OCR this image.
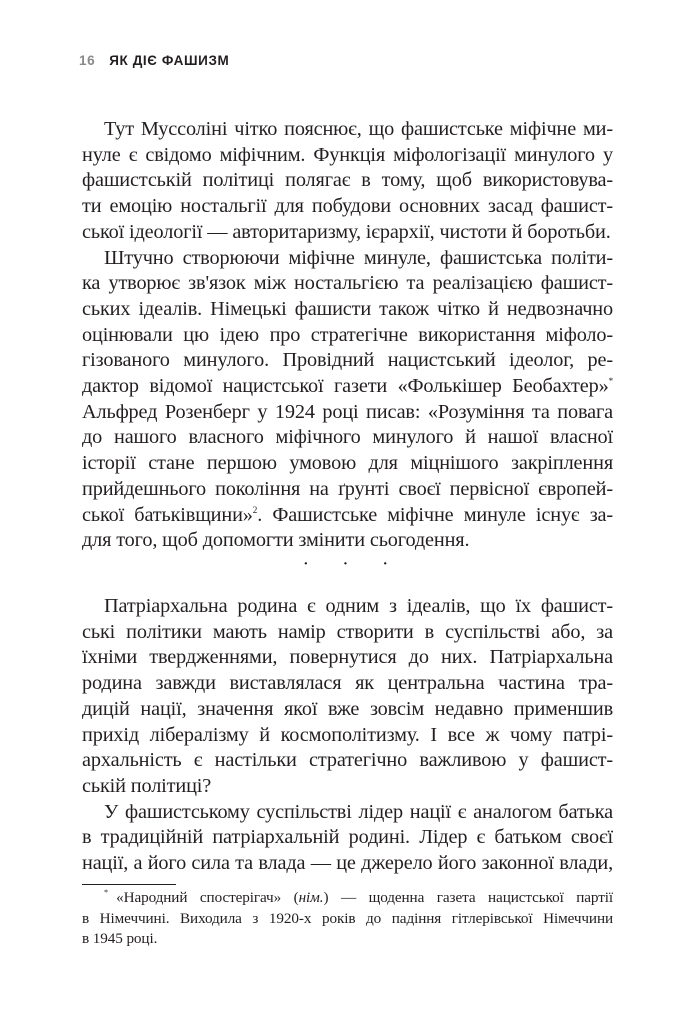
16 ЯК ДІЄ ФАШИЗМ
Тут Муссоліні чітко пояснює, що фашистське міфічне ми-
нуле є свідомо міфічним. Функція міфологізації минулого у
фашистській політиці полягає в тому, щоб використовува-
ти емоцію ностальгії для побудови основних засад фашист-
ської ідеології — авторитаризму, ієрархії, чистоти й боротьби.
Штучно створюючи міфічне минуле, фашистська політи-
ка утворює зв'язок між ностальгією та реалізацією фашист-
ських ідеалів. Німецькі фашисти також чітко й недвозначно
оцінювали цю ідею про стратегічне використання міфоло-
гізованого минулого. Провідний нацистський ідеолог, ре-
дактор відомої нацистської газети «Фолькішер Беобахтер»*
Альфред Розенберг у 1924 році писав: «Розуміння та повага
до нашого власного міфічного минулого й нашої власної
історії стане першою умовою для міцнішого закріплення
прийдешнього покоління на ґрунті своєї первісної європей-
ської батьківщини»$^2$. Фашистське міфічне минуле існує за-
для того, щоб допомогти змінити сьогодення.
· · ·
Патріархальна родина є одним з ідеалів, що їх фашист-
ські політики мають намір створити в суспільстві або, за
їхніми твердженнями, повернутися до них. Патріархальна
родина завжди виставлялася як центральна частина тра-
дицій нації, значення якої вже зовсім недавно применшив
прихід лібералізму й космополітизму. І все ж чому патрі-
архальність є настільки стратегічно важливою у фашист-
ській політиці?
У фашистському суспільстві лідер нації є аналогом батька
в традиційній патріархальній родині. Лідер є батьком своєї
нації, а його сила та влада — це джерело його законної влади,
* «Народний спостерігач» (нім.) — щоденна газета нацистської партії
в Німеччині. Виходила з 1920-х років до падіння гітлерівської Німеччини
в 1945 році.
